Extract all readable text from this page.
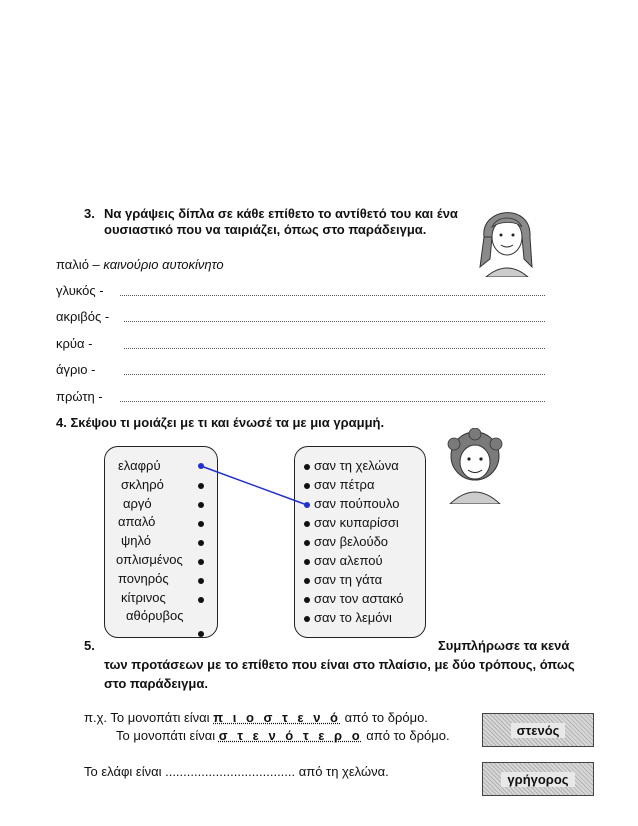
3. Να γράψεις δίπλα σε κάθε επίθετο το αντίθετό του και ένα
ουσιαστικό που να ταιριάζει, όπως στο παράδειγμα.
παλιό – καινούριο αυτοκίνητο
γλυκός -
ακριβός -
κρύα -
άγριο -
πρώτη -
4. Σκέψου τι μοιάζει με τι και ένωσέ τα με μια γραμμή.
ελαφρύ
σκληρό
αργό
απαλό
ψηλό
οπλισμένος
πονηρός
κίτρινος
αθόρυβος
σαν τη χελώνα
σαν πέτρα
σαν πούπουλο
σαν κυπαρίσσι
σαν βελούδο
σαν αλεπού
σαν τη γάτα
σαν τον αστακό
σαν το λεμόνι
5.	Συμπλήρωσε τα κενά
των προτάσεων με το επίθετο που είναι στο πλαίσιο, με δύο τρόπους, όπως
στο παράδειγμα.
π.χ. Το μονοπάτι είναι π ι ο σ τ ε ν ό από το δρόμο.
Το μονοπάτι είναι σ τ ε ν ό τ ε ρ ο από το δρόμο.	στενός
Το ελάφι είναι .................................... από τη χελώνα.	γρήγορος
